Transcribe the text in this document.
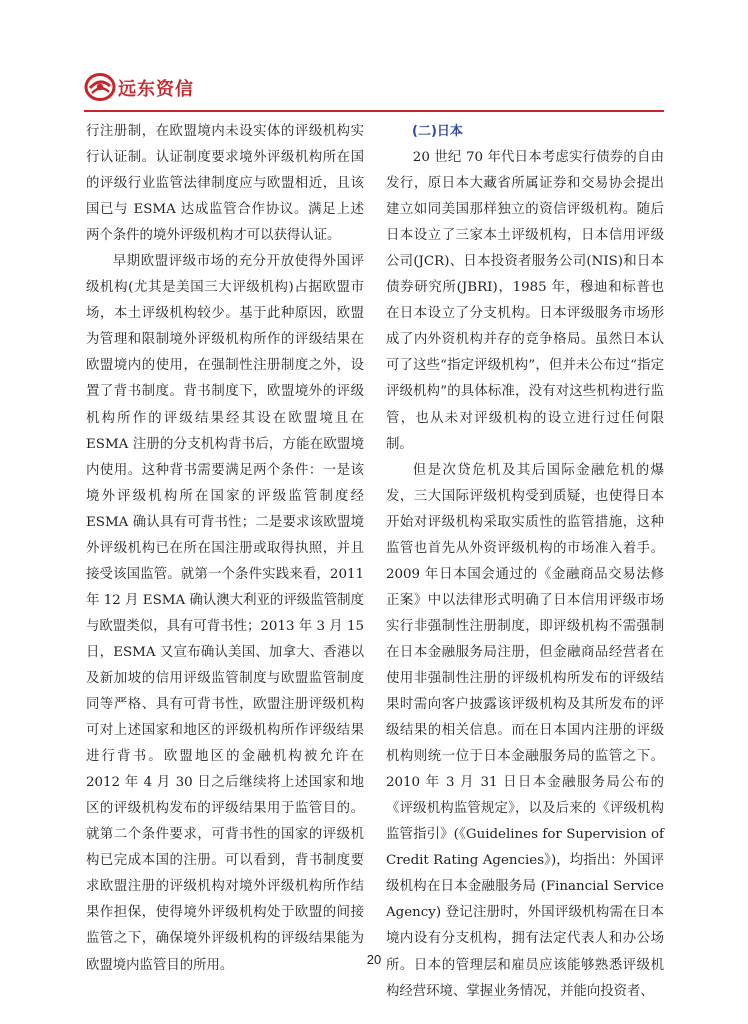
远东资信

行注册制，在欧盟境内未设实体的评级机构实行认证制。认证制度要求境外评级机构所在国的评级行业监管法律制度应与欧盟相近，且该国已与 ESMA 达成监管合作协议。满足上述两个条件的境外评级机构才可以获得认证。

早期欧盟评级市场的充分开放使得外国评级机构(尤其是美国三大评级机构)占据欧盟市场，本土评级机构较少。基于此种原因，欧盟为管理和限制境外评级机构所作的评级结果在欧盟境内的使用，在强制性注册制度之外，设置了背书制度。背书制度下，欧盟境外的评级机构所作的评级结果经其设在欧盟境且在 ESMA 注册的分支机构背书后，方能在欧盟境内使用。这种背书需要满足两个条件：一是该境外评级机构所在国家的评级监管制度经 ESMA 确认具有可背书性；二是要求该欧盟境外评级机构已在所在国注册或取得执照，并且接受该国监管。就第一个条件实践来看，2011 年 12 月 ESMA 确认澳大利亚的评级监管制度与欧盟类似，具有可背书性；2013 年 3 月 15 日，ESMA 又宣布确认美国、加拿大、香港以及新加坡的信用评级监管制度与欧盟监管制度同等严格、具有可背书性，欧盟注册评级机构可对上述国家和地区的评级机构所作评级结果进行背书。欧盟地区的金融机构被允许在 2012 年 4 月 30 日之后继续将上述国家和地区的评级机构发布的评级结果用于监管目的。就第二个条件要求，可背书性的国家的评级机构已完成本国的注册。可以看到，背书制度要求欧盟注册的评级机构对境外评级机构所作结果作担保，使得境外评级机构处于欧盟的间接监管之下，确保境外评级机构的评级结果能为欧盟境内监管目的所用。

(二)日本

20 世纪 70 年代日本考虑实行债券的自由发行，原日本大藏省所属证券和交易协会提出建立如同美国那样独立的资信评级机构。随后日本设立了三家本土评级机构，日本信用评级公司(JCR)、日本投资者服务公司(NIS)和日本债券研究所(JBRI)，1985 年，穆迪和标普也在日本设立了分支机构。日本评级服务市场形成了内外资机构并存的竞争格局。虽然日本认可了这些“指定评级机构”，但并未公布过“指定评级机构”的具体标准，没有对这些机构进行监管，也从未对评级机构的设立进行过任何限制。

但是次贷危机及其后国际金融危机的爆发，三大国际评级机构受到质疑，也使得日本开始对评级机构采取实质性的监管措施，这种监管也首先从外资评级机构的市场准入着手。2009 年日本国会通过的《金融商品交易法修正案》中以法律形式明确了日本信用评级市场实行非强制性注册制度，即评级机构不需强制在日本金融服务局注册，但金融商品经营者在使用非强制性注册的评级机构所发布的评级结果时需向客户披露该评级机构及其所发布的评级结果的相关信息。而在日本国内注册的评级机构则统一位于日本金融服务局的监管之下。2010 年 3 月 31 日日本金融服务局公布的《评级机构监管规定》，以及后来的《评级机构监管指引》(《Guidelines for Supervision of Credit Rating Agencies》)，均指出：外国评级机构在日本金融服务局 (Financial Service Agency) 登记注册时，外国评级机构需在日本境内设有分支机构，拥有法定代表人和办公场所。日本的管理层和雇员应该能够熟悉评级机构经营环境、掌握业务情况，并能向投资者、

20
